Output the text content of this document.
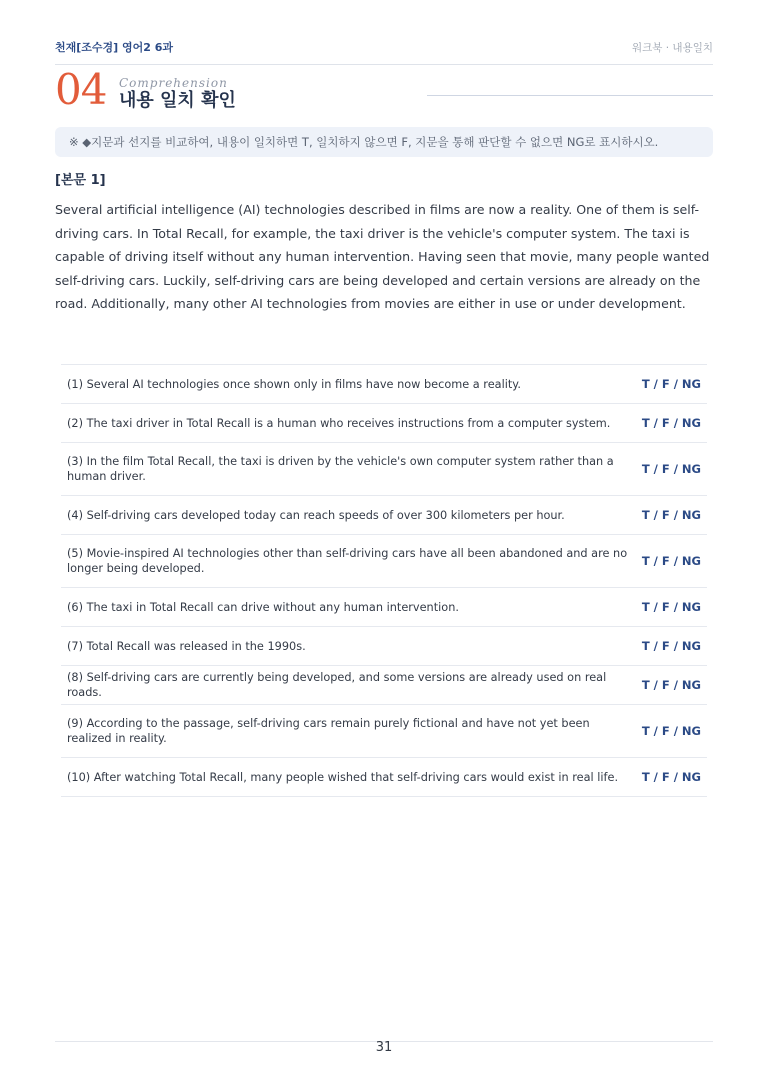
천재[조수경] 영어2 6과	워크북 · 내용일치
04 Comprehension
내용 일치 확인
※ ◆지문과 선지를 비교하여, 내용이 일치하면 T, 일치하지 않으면 F, 지문을 통해 판단할 수 없으면 NG로 표시하시오.
[본문 1]

Several artificial intelligence (AI) technologies described in films are now a reality. One of them is self-driving cars. In Total Recall, for example, the taxi driver is the vehicle's computer system. The taxi is capable of driving itself without any human intervention. Having seen that movie, many people wanted self-driving cars. Luckily, self-driving cars are being developed and certain versions are already on the road. Additionally, many other AI technologies from movies are either in use or under development.

(1) Several AI technologies once shown only in films have now become a reality.	T / F / NG
(2) The taxi driver in Total Recall is a human who receives instructions from a computer system.	T / F / NG
(3) In the film Total Recall, the taxi is driven by the vehicle's own computer system rather than a human driver.
T / F / NG
(4) Self-driving cars developed today can reach speeds of over 300 kilometers per hour.	T / F / NG
(5) Movie-inspired AI technologies other than self-driving cars have all been abandoned and are no longer being developed.
T / F / NG
(6) The taxi in Total Recall can drive without any human intervention.	T / F / NG
(7) Total Recall was released in the 1990s.	T / F / NG
(8) Self-driving cars are currently being developed, and some versions are already used on real roads.
T / F / NG
(9) According to the passage, self-driving cars remain purely fictional and have not yet been realized in reality.
T / F / NG
(10) After watching Total Recall, many people wished that self-driving cars would exist in real life. T / F / NG
31
